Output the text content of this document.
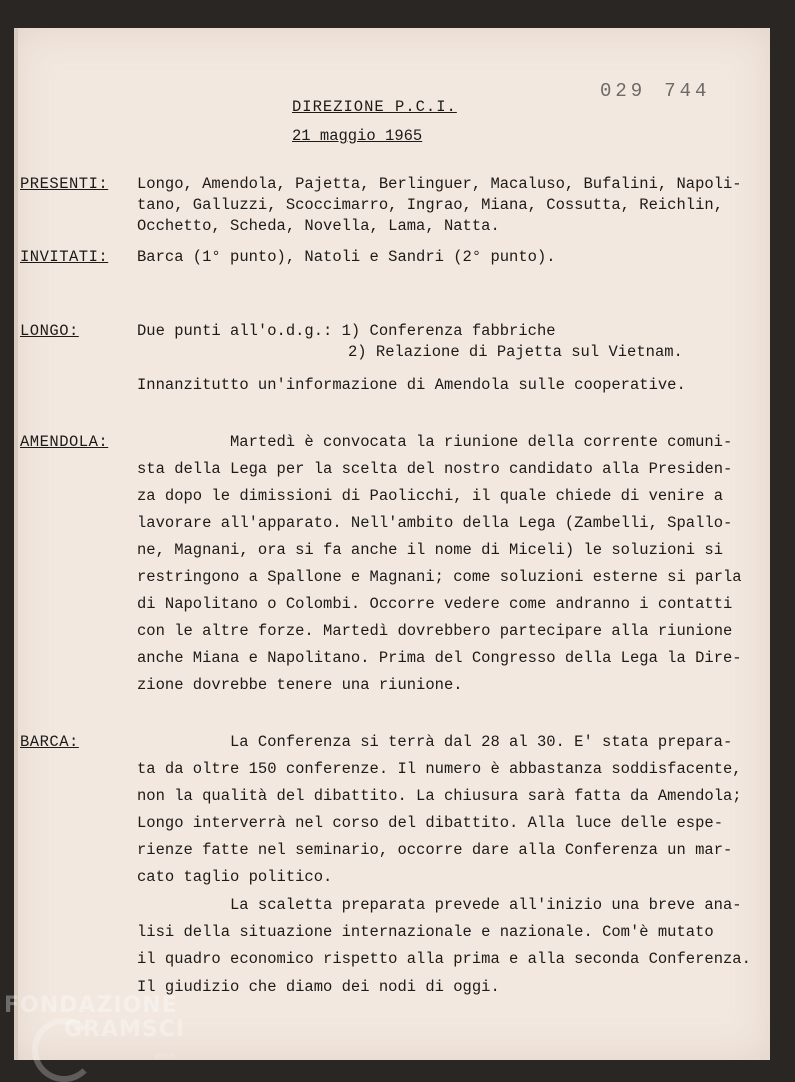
029 744
DIREZIONE P.C.I.
21 maggio 1965
PRESENTI: Longo, Amendola, Pajetta, Berlinguer, Macaluso, Bufalini, Napoli-
tano, Galluzzi, Scoccimarro, Ingrao, Miana, Cossutta, Reichlin,
Occhetto, Scheda, Novella, Lama, Natta.
INVITATI: Barca (1° punto), Natoli e Sandri (2° punto).
LONGO:	Due punti all'o.d.g.: 1) Conferenza fabbriche
2) Relazione di Pajetta sul Vietnam.
Innanzitutto un'informazione di Amendola sulle cooperative.
AMENDOLA:	Martedì è convocata la riunione della corrente comuni-
sta della Lega per la scelta del nostro candidato alla Presiden-
za dopo le dimissioni di Paolicchi, il quale chiede di venire a
lavorare all'apparato. Nell'ambito della Lega (Zambelli, Spallo-
ne, Magnani, ora si fa anche il nome di Miceli) le soluzioni si
restringono a Spallone e Magnani; come soluzioni esterne si parla
di Napolitano o Colombi. Occorre vedere come andranno i contatti
con le altre forze. Martedì dovrebbero partecipare alla riunione
anche Miana e Napolitano. Prima del Congresso della Lega la Dire-
zione dovrebbe tenere una riunione.
BARCA:	La Conferenza si terrà dal 28 al 30. E' stata prepara-
ta da oltre 150 conferenze. Il numero è abbastanza soddisfacente,
non la qualità del dibattito. La chiusura sarà fatta da Amendola;
Longo interverrà nel corso del dibattito. Alla luce delle espe-
rienze fatte nel seminario, occorre dare alla Conferenza un mar-
cato taglio politico.
La scaletta preparata prevede all'inizio una breve ana-
lisi della situazione internazionale e nazionale. Com'è mutato
il quadro economico rispetto alla prima e alla seconda Conferenza.
Il giudizio che diamo dei nodi di oggi.
FONDAZIONE
GRAMSCI
onlus
